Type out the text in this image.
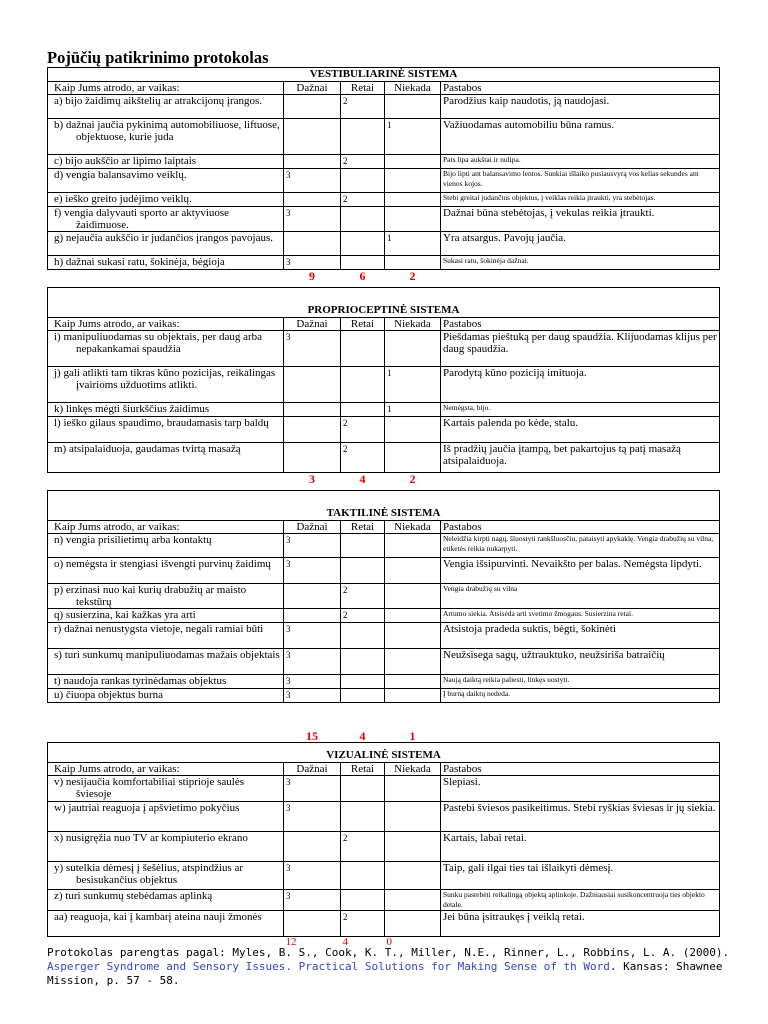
Pojūčių patikrinimo protokolas
VESTIBULIARINĖ SISTEMA				
Kaip Jums atrodo, ar vaikas:	Dažnai	Retai	Niekada	Pastabos

a) bijo žaidimų aikštelių ar atrakcijonų įrangos.		2		Parodžius kaip naudotis, ją naudojasi.

b) dažnai jaučia pykinimą automobiliuose, liftuose, objektuose, kurie juda			1	Važiuodamas automobiliu būna ramus.

c) bijo aukščio ar lipimo laiptais		2		Pats lipa aukštai ir nulipa.

d) vengia balansavimo veiklų.	3			Bijo lipti ant balansavimo lentos. Sunkiai išlaiko pusiausvyrą vos kelias sekundes ant vienos kojos.

e) ieško greito judėjimo veiklų.		2		Stebi greitai judančius objektus, į veiklas reikia įtraukti, yra stebėtojas.

f) vengia dalyvauti sporto ar aktyviuose žaidimuose.	3			Dažnai būna stebėtojas, į vekulas reikia įtraukti.

g) nejaučia aukščio ir judančios įrangos pavojaus.			1	Yra atsargus. Pavojų jaučia.

h) dažnai sukasi ratu, šokinėja, bėgioja	3			Sukasi ratu, šokinėja dažnai.
	9	6	2	
PROPRIOCEPTINĖ SISTEMA				
Kaip Jums atrodo, ar vaikas:	Dažnai	Retai	Niekada	Pastabos

i) manipuliuodamas su objektais, per daug arba nepakankamai spaudžia	3			Piešdamas pieštuką per daug spaudžia. Klijuodamas klijus per daug spaudžia.

j) gali atlikti tam tikras kūno pozicijas, reikalingas įvairioms užduotims atlikti.			1	Parodytą kūno poziciją imituoja.

k) linkęs mėgti šiurkščius žaidimus			1	Nemėgsta, bijo.

l) ieško gilaus spaudimo, braudamasis tarp baldų		2		Kartais palenda po kėde, stalu.

m) atsipalaiduoja, gaudamas tvirtą masažą		2		Iš pradžių jaučia įtampą, bet pakartojus tą patį masažą atsipalaiduoja.
	3	4	2	
TAKTILINĖ SISTEMA				
Kaip Jums atrodo, ar vaikas:	Dažnai	Retai	Niekada	Pastabos

n) vengia prisilietimų arba kontaktų	3			Neleidžia kirpti nagų, šluostyti rankšluosčiu, pataisyti apykaklę. Vengia drabužių su vilna, etiketės reikia nukarpyti.

o) nemėgsta ir stengiasi išvengti purvinų žaidimų	3			Vengia išsipurvinti. Nevaikšto per balas. Nemėgsta lipdyti.

p) erzinasi nuo kai kurių drabužių ar maisto tekstūrų		2		Vengia drabužių su vilna

q) susierzina, kai kažkas yra arti		2		Artumo siekia. Atsisėda arti svetimo žmogaus. Susierzina retai.

r) dažnai nenustygsta vietoje, negali ramiai būti	3			Atsistoja pradeda suktis, bėgti, šokinėti

s) turi sunkumų manipuliuodamas mažais objektais	3			Neužsisega sagų, užtrauktuko, neužsiriša batraičių

t) naudoja rankas tyrinėdamas objektus	3			Naują daiktą reikia paliesti, linkęs uostyti.

u) čiuopa objektus burna	3			Į burną daiktų nededa.
	15	4	1	
VIZUALINĖ SISTEMA				
Kaip Jums atrodo, ar vaikas:	Dažnai	Retai	Niekada	Pastabos

v) nesijaučia komfortabiliai stiprioje saulės šviesoje	3			Slepiasi.

w) jautriai reaguoja į apšvietimo pokyčius	3			Pastebi šviesos pasikeitimus. Stebi ryškias šviesas ir jų siekia.

x) nusigręžia nuo TV ar kompiuterio ekrano		2		Kartais, labai retai.

y) sutelkia dėmesį į šešėlius, atspindžius ar besisukančius objektus	3			Taip, gali ilgai ties tai išlaikyti dėmesį.

z) turi sunkumų stebėdamas aplinką	3			Sunku pastebėti reikalingą objektą aplinkoje. Dažniausiai susikoncentruoja ties objekto detale.

aa) reaguoja, kai į kambarį ateina nauji žmonės		2		Jei būna įsitraukęs į veiklą retai.
	12	4	0	

Protokolas parengtas pagal: Myles, B. S., Cook, K. T., Miller, N.E., Rinner, L., Robbins, L. A. (2000). Asperger Syndrome and Sensory Issues. Practical Solutions for Making Sense of th Word. Kansas: Shawnee Mission, p. 57 - 58.
